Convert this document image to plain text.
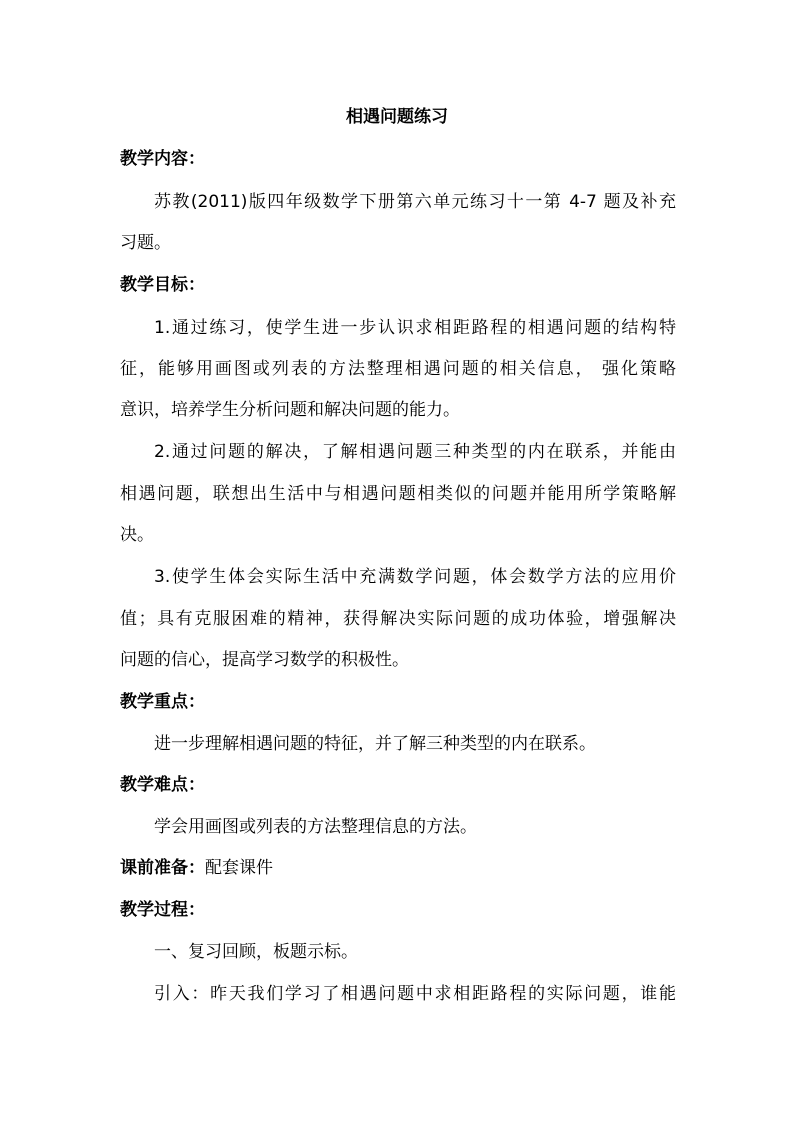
相遇问题练习
教学内容：
苏教(2011)版四年级数学下册第六单元练习十一第 4-7 题及补充
习题。
教学目标：
1.通过练习，使学生进一步认识求相距路程的相遇问题的结构特
征，能够用画图或列表的方法整理相遇问题的相关信息， 强化策略
意识，培养学生分析问题和解决问题的能力。
2.通过问题的解决，了解相遇问题三种类型的内在联系，并能由
相遇问题，联想出生活中与相遇问题相类似的问题并能用所学策略解
决。
3.使学生体会实际生活中充满数学问题，体会数学方法的应用价
值；具有克服困难的精神，获得解决实际问题的成功体验，增强解决
问题的信心，提高学习数学的积极性。
教学重点：
进一步理解相遇问题的特征，并了解三种类型的内在联系。
教学难点：
学会用画图或列表的方法整理信息的方法。
课前准备：配套课件
教学过程：
一、复习回顾，板题示标。
引入：昨天我们学习了相遇问题中求相距路程的实际问题，谁能
